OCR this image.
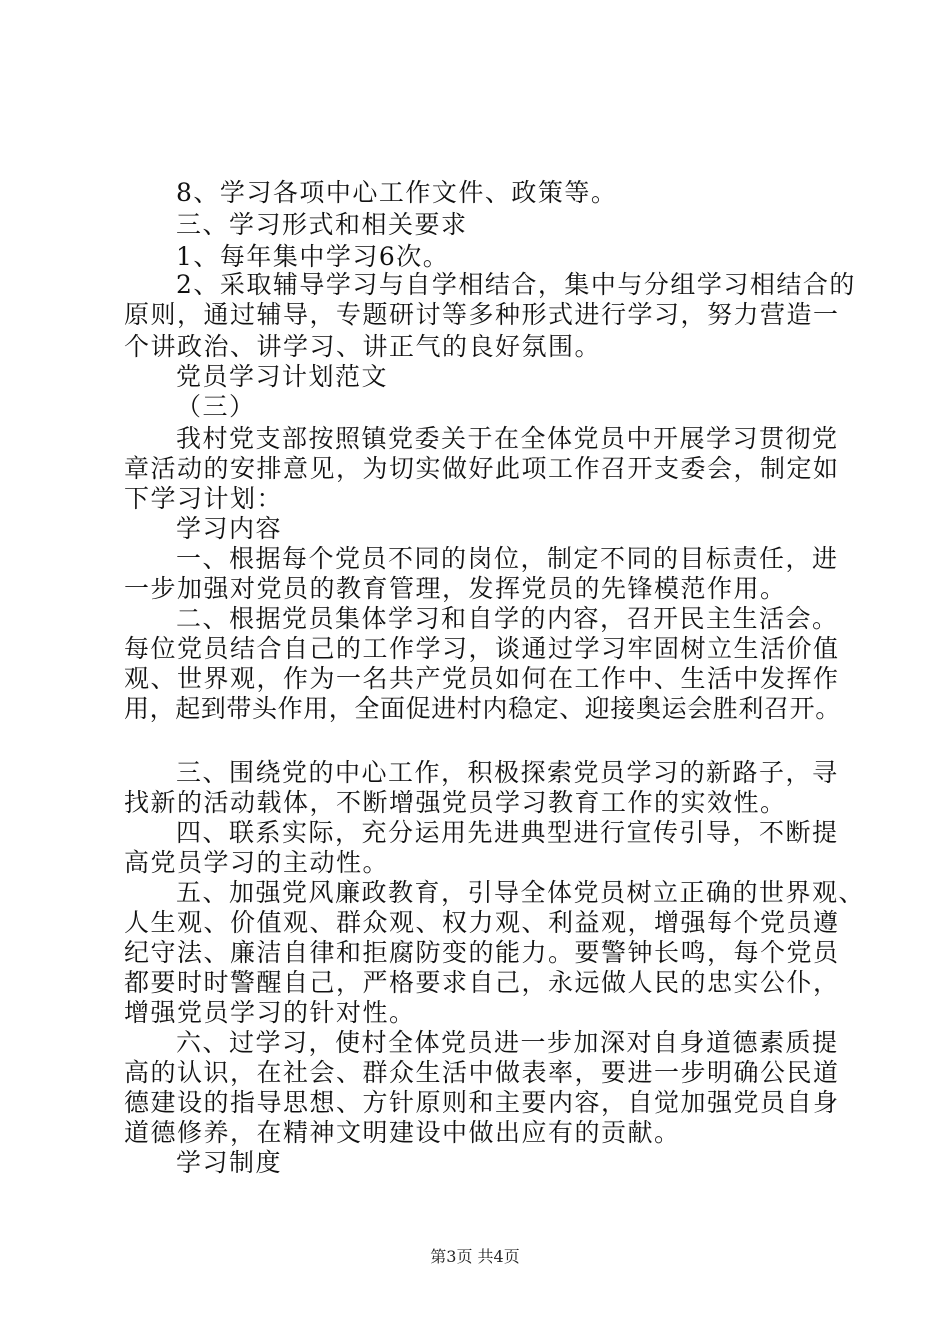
8、学习各项中心工作文件、政策等。
三、学习形式和相关要求
1、每年集中学习6次。
2、采取辅导学习与自学相结合，集中与分组学习相结合的
原则，通过辅导，专题研讨等多种形式进行学习，努力营造一
个讲政治、讲学习、讲正气的良好氛围。
党员学习计划范文
（三）
我村党支部按照镇党委关于在全体党员中开展学习贯彻党
章活动的安排意见，为切实做好此项工作召开支委会，制定如
下学习计划：
学习内容
一、根据每个党员不同的岗位，制定不同的目标责任，进
一步加强对党员的教育管理，发挥党员的先锋模范作用。
二、根据党员集体学习和自学的内容，召开民主生活会。
每位党员结合自己的工作学习，谈通过学习牢固树立生活价值
观、世界观，作为一名共产党员如何在工作中、生活中发挥作
用，起到带头作用，全面促进村内稳定、迎接奥运会胜利召开。
三、围绕党的中心工作，积极探索党员学习的新路子，寻
找新的活动载体，不断增强党员学习教育工作的实效性。
四、联系实际，充分运用先进典型进行宣传引导，不断提
高党员学习的主动性。
五、加强党风廉政教育，引导全体党员树立正确的世界观、
人生观、价值观、群众观、权力观、利益观，增强每个党员遵
纪守法、廉洁自律和拒腐防变的能力。要警钟长鸣，每个党员
都要时时警醒自己，严格要求自己，永远做人民的忠实公仆，
增强党员学习的针对性。
六、过学习，使村全体党员进一步加深对自身道德素质提
高的认识，在社会、群众生活中做表率，要进一步明确公民道
德建设的指导思想、方针原则和主要内容，自觉加强党员自身
道德修养，在精神文明建设中做出应有的贡献。
学习制度
第3页 共4页
